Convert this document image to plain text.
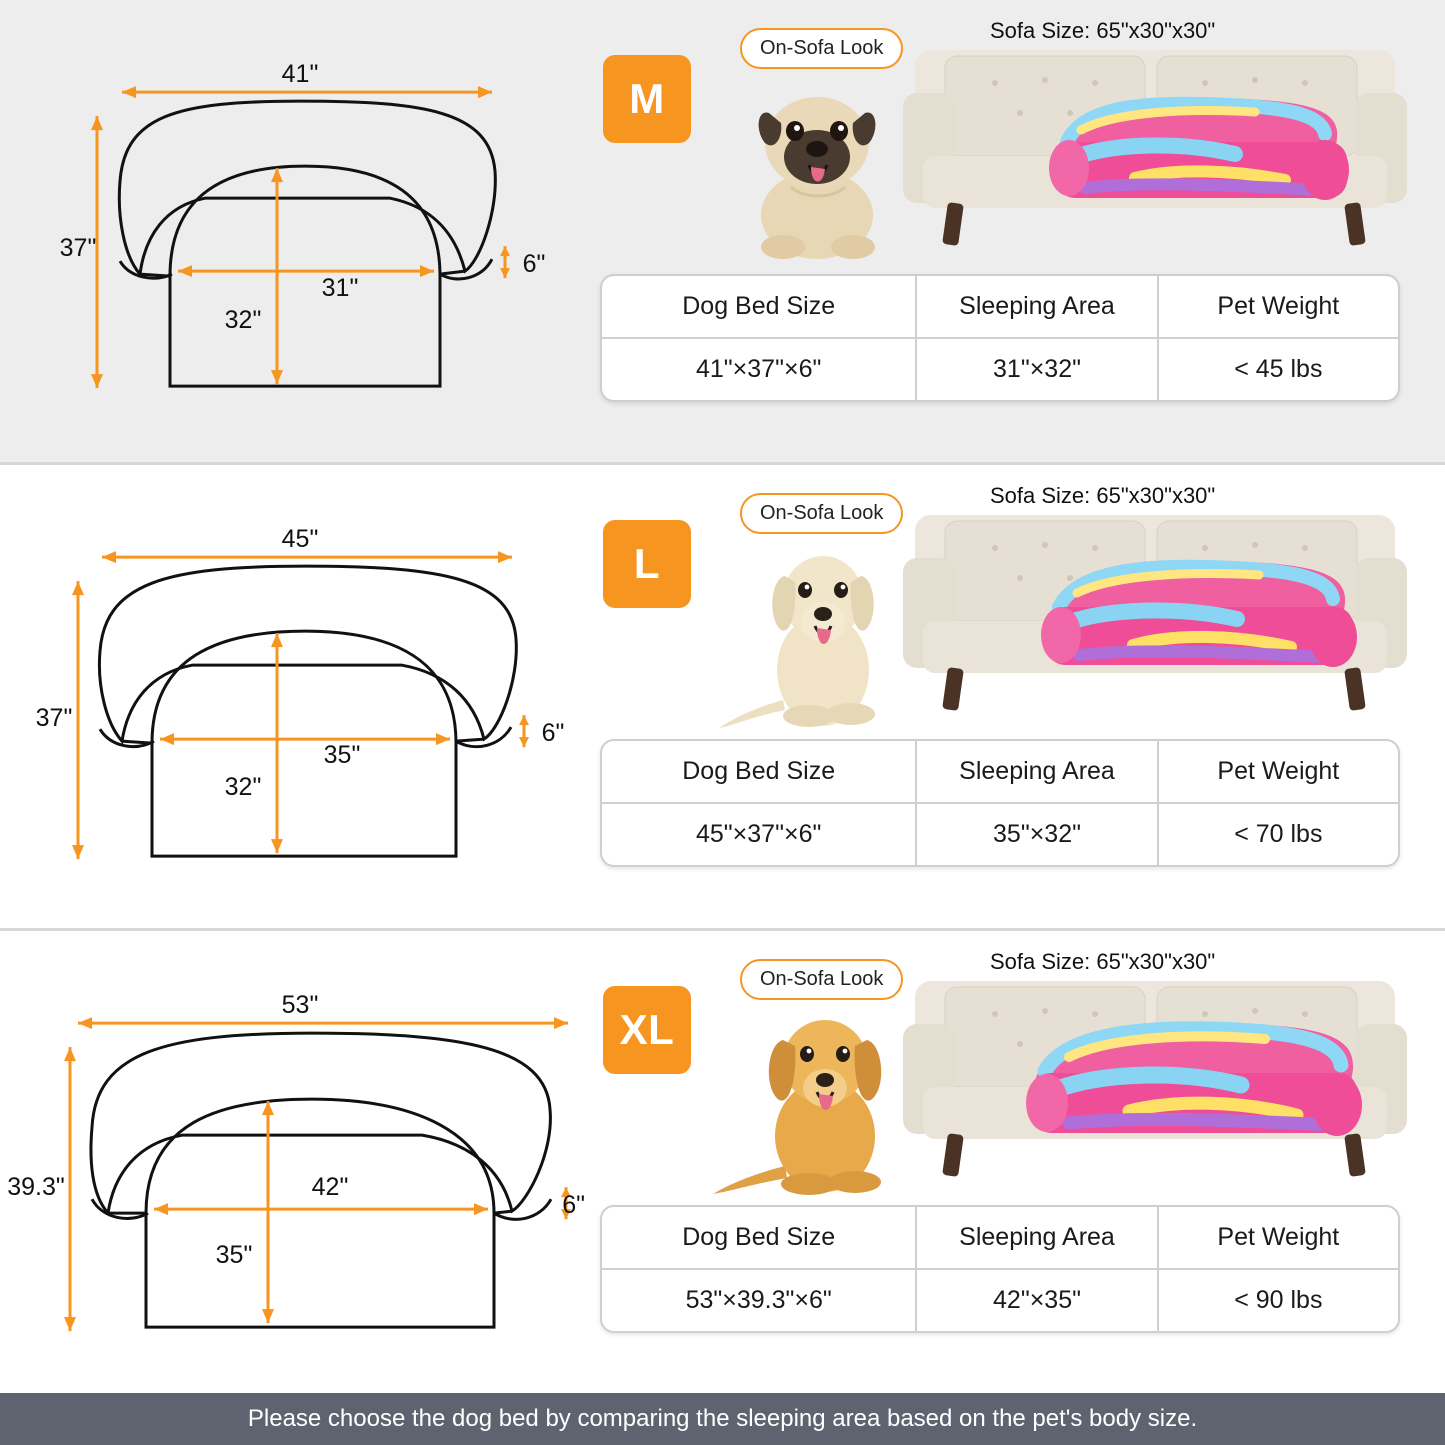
41"
37"
31"
32"
6"
M
On-Sofa Look
Sofa Size: 65"x30"x30"
Dog Bed Size	Sleeping Area	Pet Weight
41"×37"×6"	31"×32"	< 45 lbs
45"
37"
35"
32"
6"
L
On-Sofa Look
Sofa Size: 65"x30"x30"
Dog Bed Size	Sleeping Area	Pet Weight
45"×37"×6"	35"×32"	< 70 lbs
53"
39.3"	42"
35"
6"
XL
On-Sofa Look
Sofa Size: 65"x30"x30"
Dog Bed Size	Sleeping Area	Pet Weight
53"×39.3"×6"	42"×35"	< 90 lbs
Please choose the dog bed by comparing the sleeping area based on the pet's body size.
